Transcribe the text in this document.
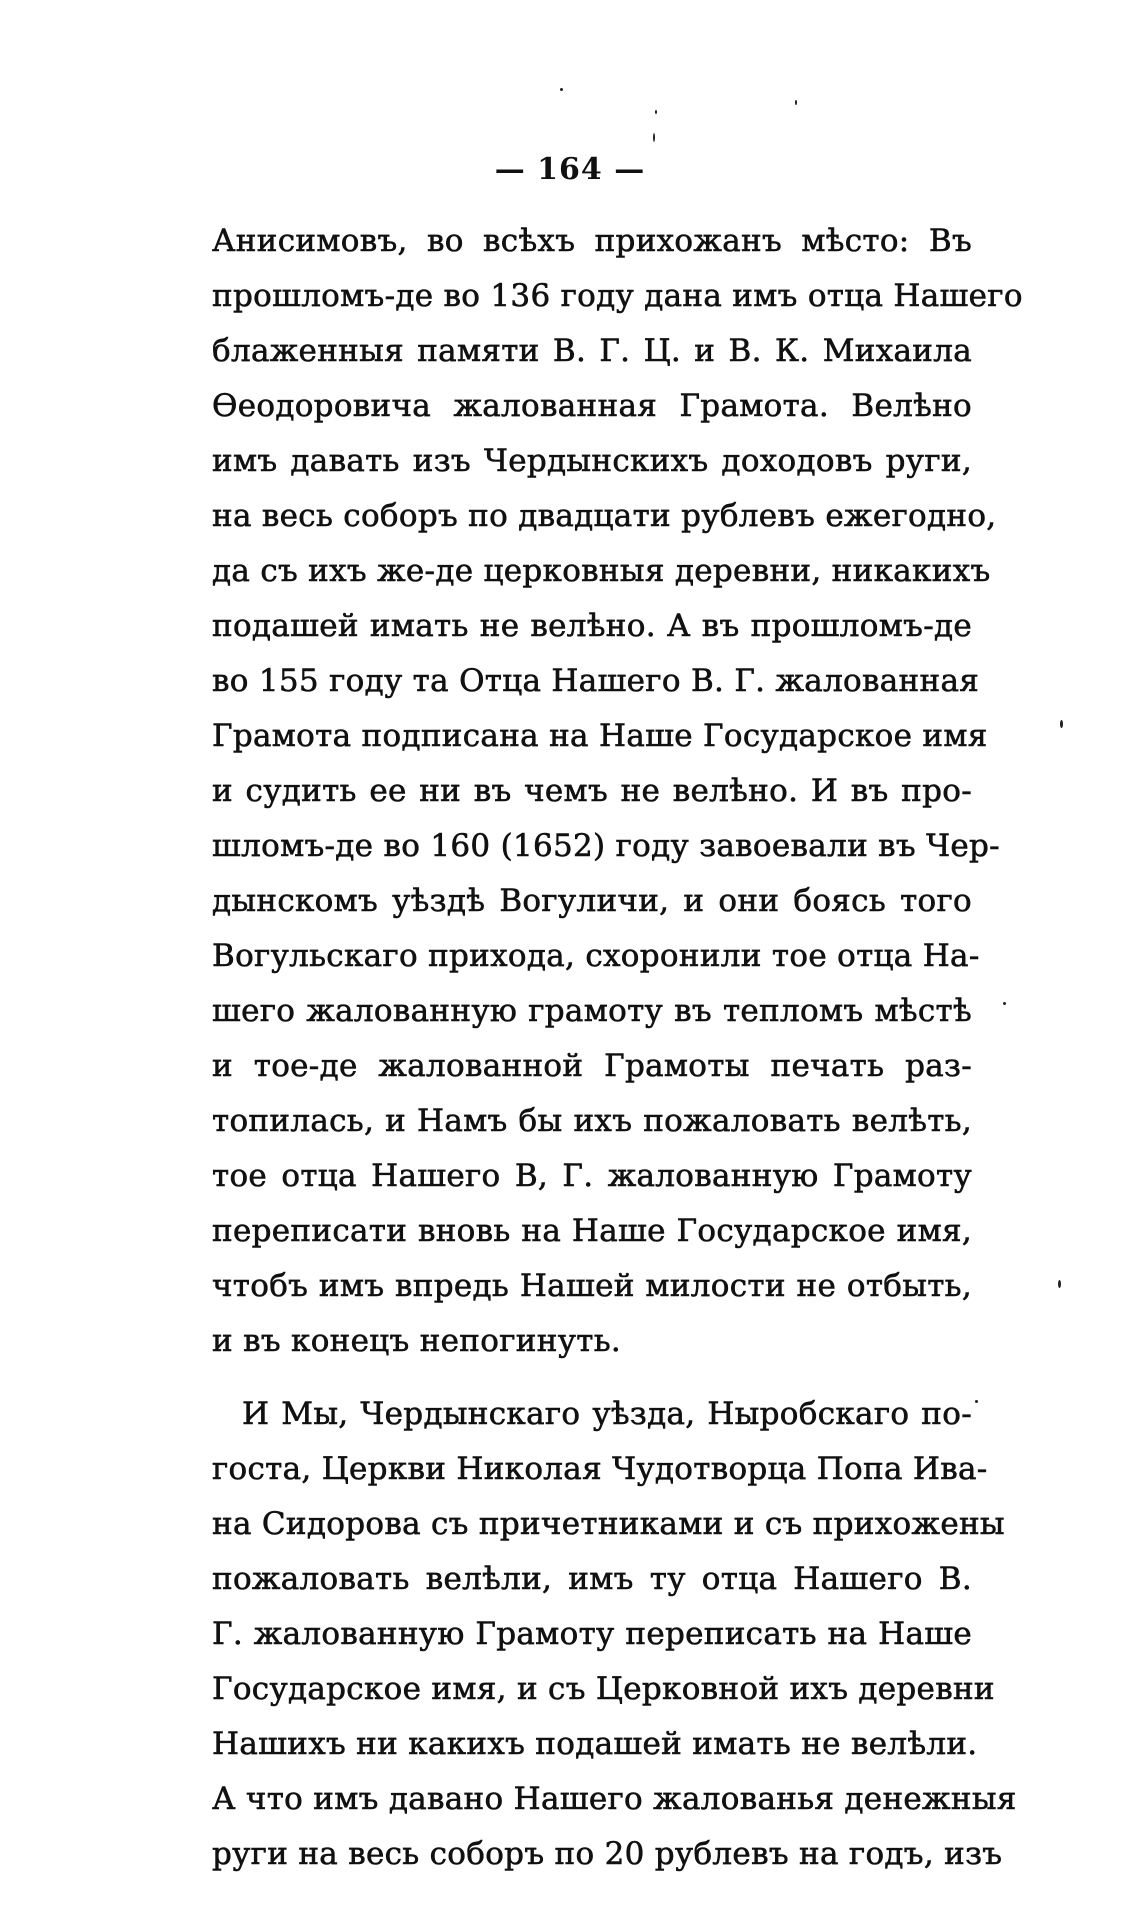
— 164 —
Анисимовъ, во всѣхъ прихожанъ мѣсто: Въ
прошломъ-де во 136 году дана имъ отца Нашего
блаженныя памяти В. Г. Ц. и В. К. Михаила
Ѳеодоровича жалованная Грамота. Велѣно
имъ давать изъ Чердынскихъ доходовъ руги,
на весь соборъ по двадцати рублевъ ежегодно,
да съ ихъ же-де церковныя деревни, никакихъ
подашей имать не велѣно. А въ прошломъ-де
во 155 году та Отца Нашего В. Г. жалованная
Грамота подписана на Наше Государское имя
и судить ее ни въ чемъ не велѣно. И въ про-
шломъ-де во 160 (1652) году завоевали въ Чер-
дынскомъ уѣздѣ Вогуличи, и они боясь того
Вогульскаго прихода, схоронили тое отца На-
шего жалованную грамоту въ тепломъ мѣстѣ
и тое-де жалованной Грамоты печать раз-
топилась, и Намъ бы ихъ пожаловать велѣть,
тое отца Нашего В, Г. жалованную Грамоту
переписати вновь на Наше Государское имя,
чтобъ имъ впредь Нашей милости не отбыть,
и въ конецъ непогинуть.
И Мы, Чердынскаго уѣзда, Ныробскаго по-
госта, Церкви Николая Чудотворца Попа Ива-
на Сидорова съ причетниками и съ прихожены
пожаловать велѣли, имъ ту отца Нашего В.
Г. жалованную Грамоту переписать на Наше
Государское имя, и съ Церковной ихъ деревни
Нашихъ ни какихъ подашей имать не велѣли.
А что имъ давано Нашего жалованья денежныя
руги на весь соборъ по 20 рублевъ на годъ, изъ
